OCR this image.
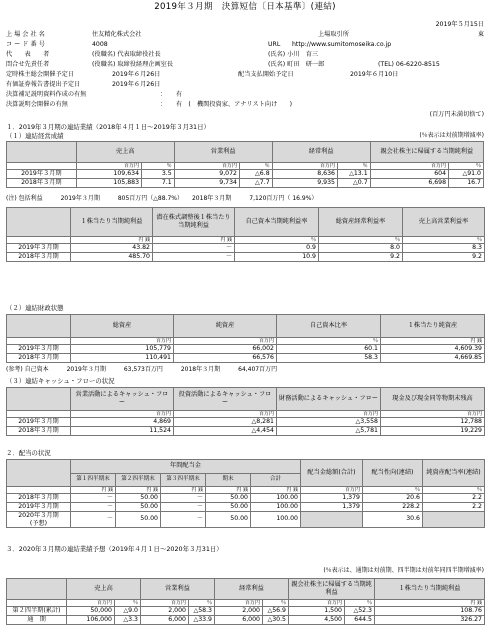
2019年３月期　決算短信〔日本基準〕(連結)
2019年５月15日
上 場 会 社 名	住友精化株式会社	上場取引所	東
コ ー ド 番 号	4008	URL http://www.sumitomoseika.co.jp
代　　表　　者	(役職名) 代表取締役社長	(氏名) 小川　育三
問合せ先責任者	(役職名) 取締役経理企画室長	(氏名) 町田　研一郎	(TEL) 06-6220-8515
定時株主総会開催予定日	2019年６月26日	配当支払開始予定日	2019年６月10日
有価証券報告書提出予定日	2019年６月26日
決算補足説明資料作成の有無	： 有
決算説明会開催の有無	： 有　(　機関投資家、アナリスト向け　　)
(百万円未満切捨て)
１．2019年３月期の連結業績（2018年４月１日～2019年３月31日）
（１）連結経営成績	(％表示は対前期増減率)
	売上高		営業利益		経常利益		親会社株主に帰属する当期純利益	
	百万円	％	百万円	％	百万円	％	百万円	％
2019年３月期	109,634	3.5	9,072	△6.8	8,636	△13.1	604	△91.0
2018年３月期	105,883	7.1	9,734	△7.7	9,935	△0.7	6,698	16.7
(注) 包括利益　　　2019年３月期　　　805百万円（△88.7%）　　2018年３月期　　　7,120百万円（ 16.9%）
	１株当たり当期純利益	潜在株式調整後１株当たり当期純利益	自己資本当期純利益率	総資産経常利益率	売上高営業利益率
	円 銭	円 銭	％	％	％
2019年３月期	43.82	－	0.9	8.0	8.3
2018年３月期	485.70	－	10.9	9.2	9.2
（２）連結財政状態
	総資産	純資産	自己資本比率	１株当たり純資産
	百万円	百万円	％	円 銭
2019年３月期	105,779	66,002	60.1	4,609.39
2018年３月期	110,491	66,576	58.3	4,669.85
(参考) 自己資本　　　2019年３月期　　　63,573百万円　　　2018年３月期　　　64,407百万円
（３）連結キャッシュ・フローの状況
	営業活動によるキャッシュ・フロー	投資活動によるキャッシュ・フロー	財務活動によるキャッシュ・フロー	現金及び現金同等物期末残高
	百万円	百万円	百万円	百万円
2019年３月期	4,869	△8,281	△3,558	12,788
2018年３月期	11,524	△4,454	△5,781	19,229
２．配当の状況
	年間配当金					配当金総額(合計)	配当性向(連結)	純資産配当率(連結)
	第１四半期末	第２四半期末	第３四半期末	期末	合計			
	円 銭	円 銭	円 銭	円 銭	円 銭	百万円	％	％
2018年３月期	－	50.00	－	50.00	100.00	1,379	20.6	2.2
2019年３月期	－	50.00	－	50.00	100.00	1,379	228.2	2.2
2020年３月期
(予想)	－	50.00	－	50.00	100.00		30.6	
３．2020年３月期の連結業績予想（2019年４月１日～2020年３月31日）
(％表示は、通期は対前期、四半期は対前年同四半期増減率)
	売上高		営業利益		経常利益		親会社株主に帰属する当期純利益		１株当たり当期純利益
	百万円	％	百万円	％	百万円	％	百万円	％	円 銭
第２四半期(累計)	50,000	△9.0	2,000	△58.3	2,000	△56.9	1,500	△52.3	108.76
通　期	106,000	△3.3	6,000	△33.9	6,000	△30.5	4,500	644.5	326.27
